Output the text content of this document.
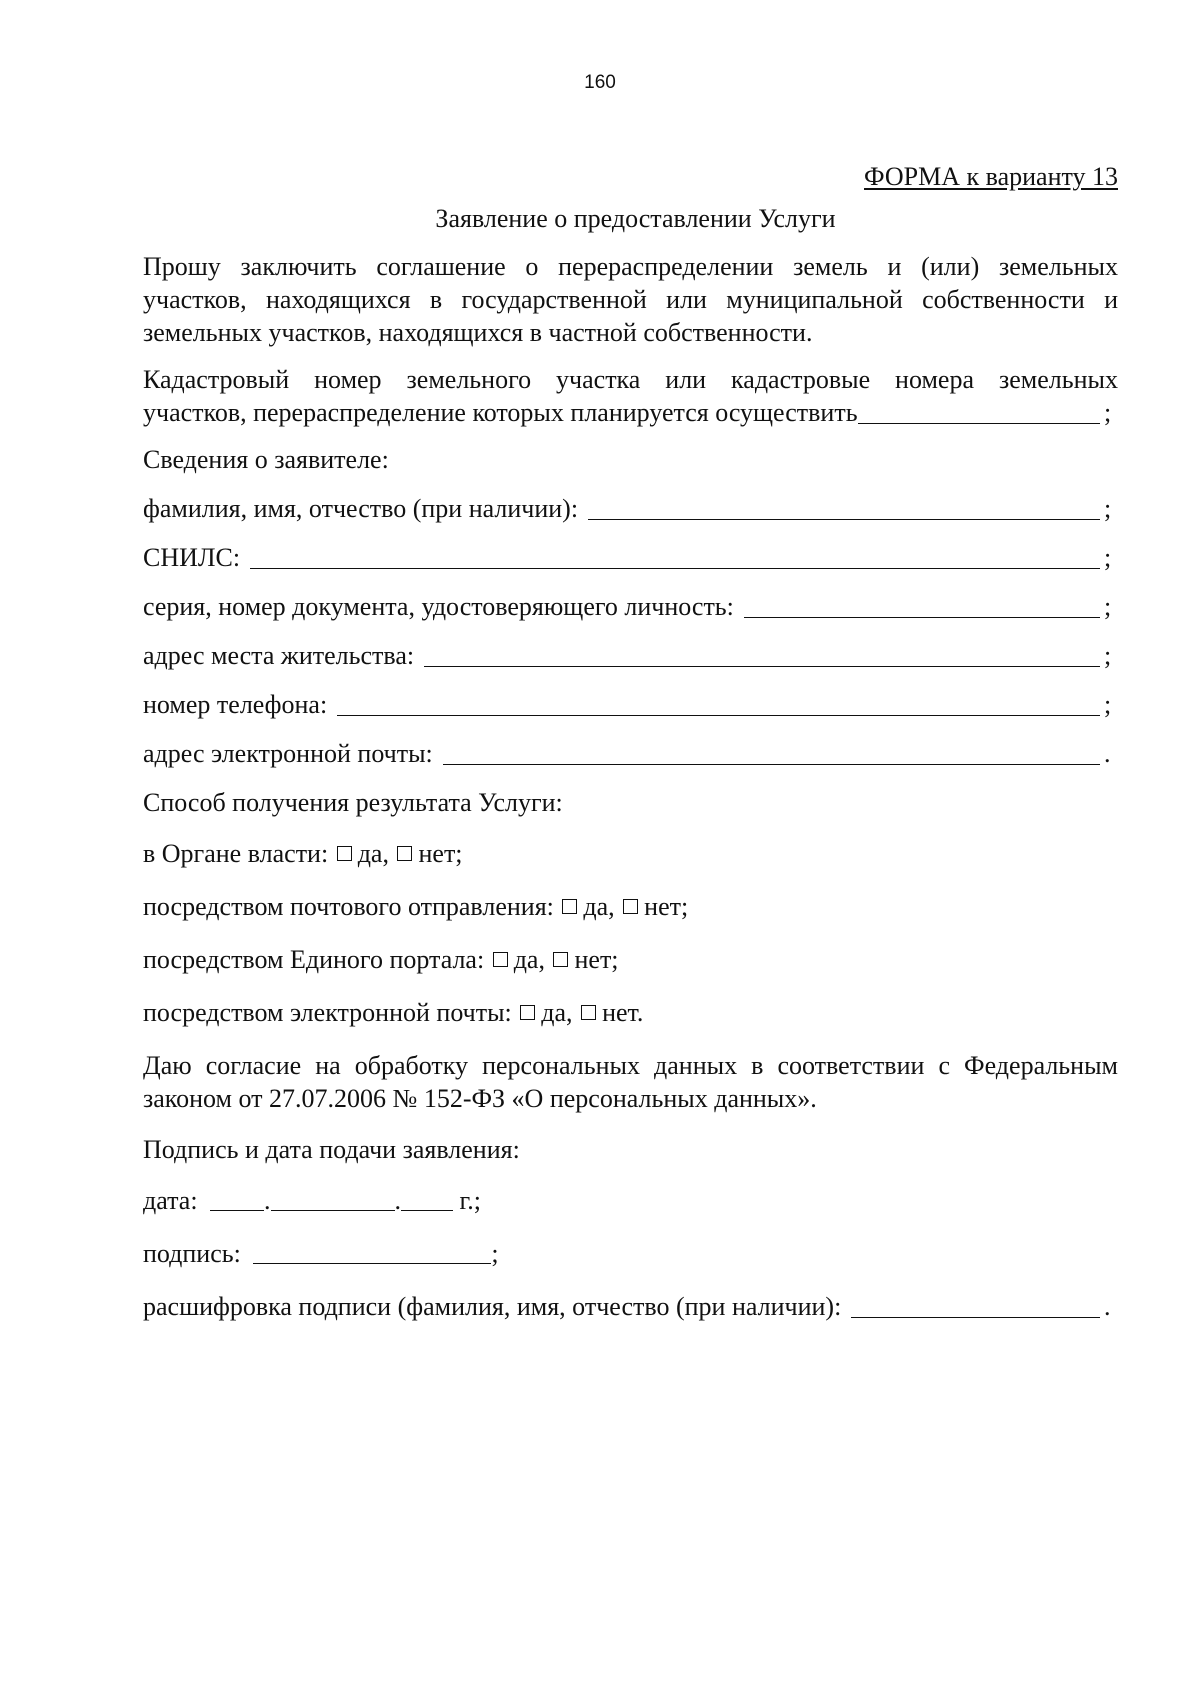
160
ФОРМА к варианту 13
Заявление о предоставлении Услуги

Прошу заключить соглашение о перераспределении земель и (или) земельных участков, находящихся в государственной или муниципальной собственности и земельных участков, находящихся в частной собственности.

Кадастровый номер земельного участка или кадастровые номера земельных
участков, перераспределение которых планируется осуществить	;
Сведения о заявителе:
фамилия, имя, отчество (при наличии):	;
СНИЛС:	;
серия, номер документа, удостоверяющего личность:	;
адрес места жительства:	;
номер телефона:	;
адрес электронной почты:	.
Способ получения результата Услуги:
в Органе власти: да, нет;
посредством почтового отправления: да, нет;
посредством Единого портала: да, нет;
посредством электронной почты: да, нет.

Даю согласие на обработку персональных данных в соответствии с Федеральным законом от 27.07.2006 № 152-ФЗ «О персональных данных».

Подпись и дата подачи заявления:
дата:	.	. г.;
подпись:	;
расшифровка подписи (фамилия, имя, отчество (при наличии):	.
